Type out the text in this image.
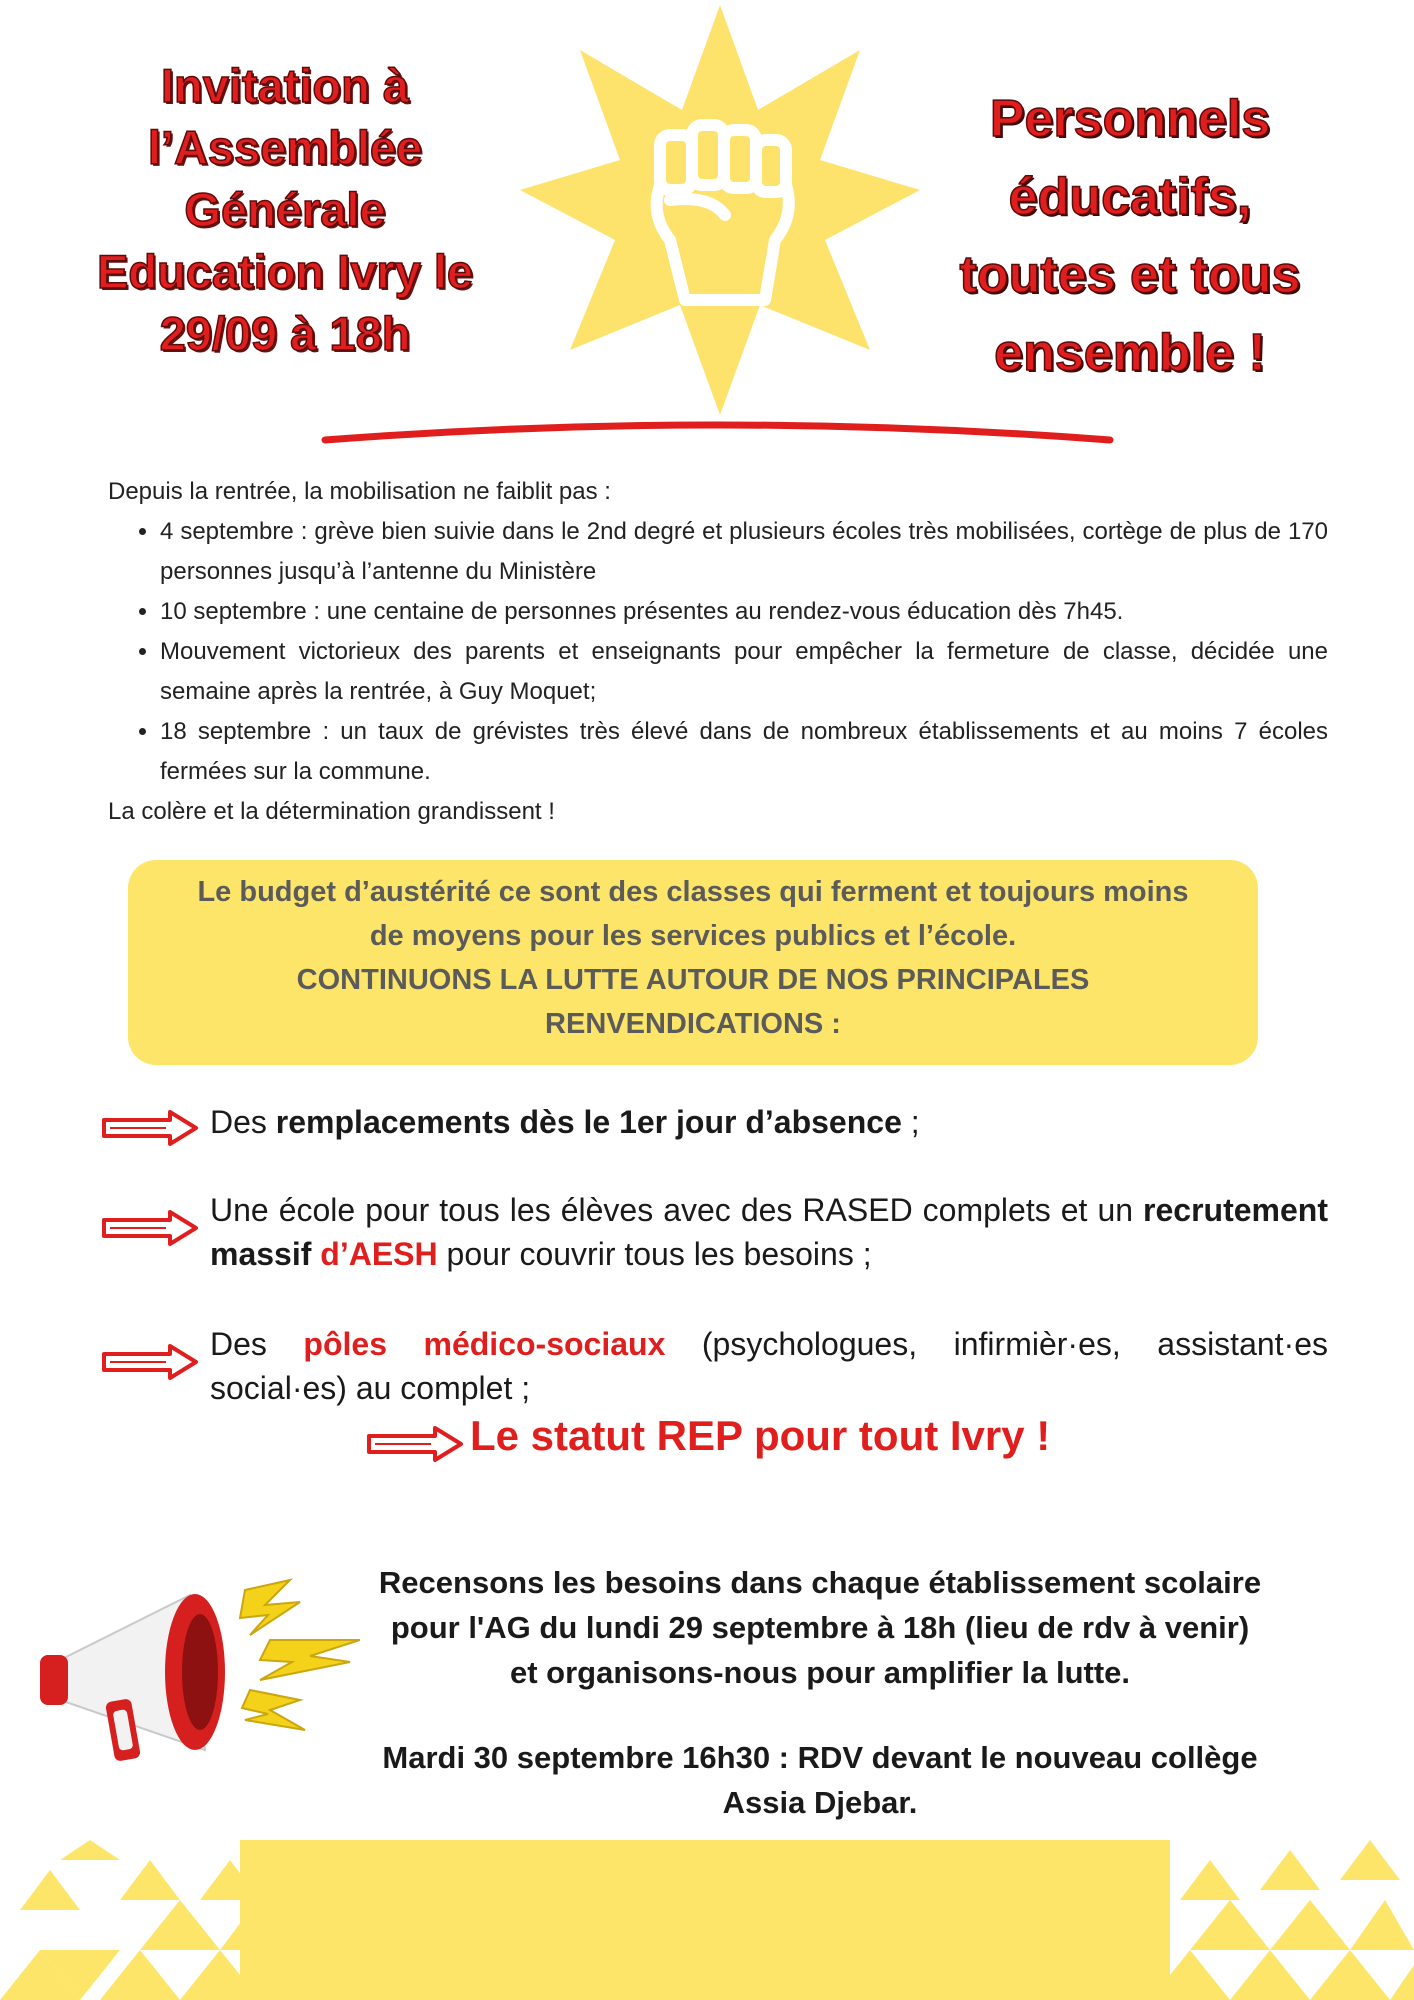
Invitation à
l’Assemblée
Générale
Education Ivry le
29/09 à 18h
Personnels
éducatifs,
toutes et tous
ensemble !

Depuis la rentrée, la mobilisation ne faiblit pas :

• 4 septembre : grève bien suivie dans le 2nd degré et plusieurs écoles très mobilisées, cortège de plus de 170 personnes jusqu’à l’antenne du Ministère
• 10 septembre : une centaine de personnes présentes au rendez-vous éducation dès 7h45.
• Mouvement victorieux des parents et enseignants pour empêcher la fermeture de classe, décidée une semaine après la rentrée, à Guy Moquet;
• 18 septembre : un taux de grévistes très élevé dans de nombreux établissements et au moins 7 écoles fermées sur la commune.

La colère et la détermination grandissent !

Le budget d’austérité ce sont des classes qui ferment et toujours moins
de moyens pour les services publics et l’école.
CONTINUONS LA LUTTE AUTOUR DE NOS PRINCIPALES
RENVENDICATIONS :
Des remplacements dès le 1er jour d’absence ;
Une école pour tous les élèves avec des RASED complets et un recrutement massif d’AESH pour couvrir tous les besoins ;
Des pôles médico-sociaux (psychologues, infirmièr·es, assistant·es social·es) au complet ;
Le statut REP pour tout Ivry !

Recensons les besoins dans chaque établissement scolaire

pour l'AG du lundi 29 septembre à 18h (lieu de rdv à venir)

et organisons-nous pour amplifier la lutte.

Mardi 30 septembre 16h30 : RDV devant le nouveau collège

Assia Djebar.
